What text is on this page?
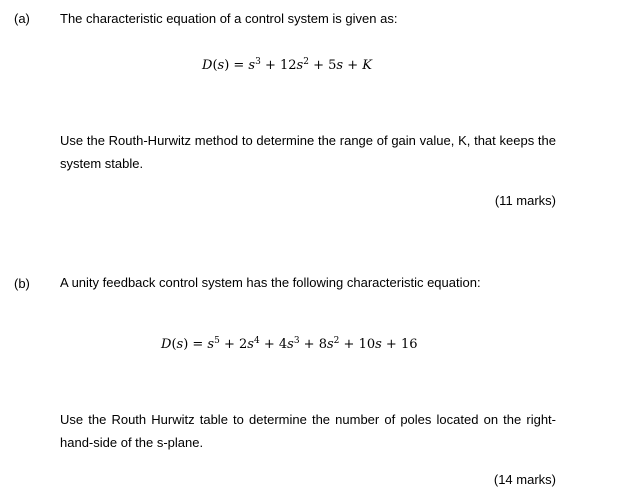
(a) The characteristic equation of a control system is given as:
$D(s) = s^3 + 12s^2 + 5s + K$
Use the Routh-Hurwitz method to determine the range of gain value, K, that keeps the system stable.
(11 marks)
(b) A unity feedback control system has the following characteristic equation:
$D(s) = s^5 + 2s^4 + 4s^3 + 8s^2 + 10s + 16$
Use the Routh Hurwitz table to determine the number of poles located on the right-hand-side of the s-plane.
(14 marks)
